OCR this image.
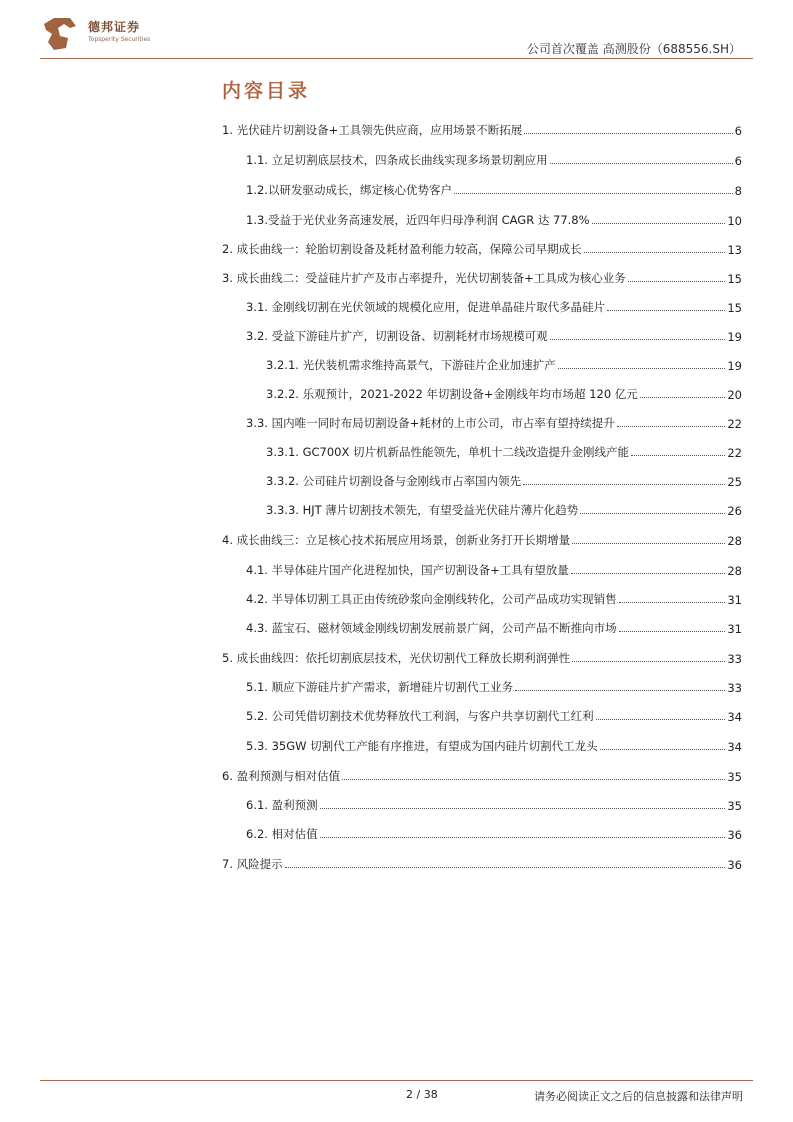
德邦证券
Topsperity Securities
公司首次覆盖 高测股份（688556.SH）
内容目录
1. 光伏硅片切割设备+工具领先供应商，应用场景不断拓展	6
1.1. 立足切割底层技术，四条成长曲线实现多场景切割应用	6
1.2.以研发驱动成长，绑定核心优势客户	8
1.3.受益于光伏业务高速发展，近四年归母净利润 CAGR 达 77.8%	10
2. 成长曲线一：轮胎切割设备及耗材盈利能力较高，保障公司早期成长	13
3. 成长曲线二：受益硅片扩产及市占率提升，光伏切割装备+工具成为核心业务	15
3.1. 金刚线切割在光伏领域的规模化应用，促进单晶硅片取代多晶硅片	15
3.2. 受益下游硅片扩产，切割设备、切割耗材市场规模可观	19
3.2.1. 光伏装机需求维持高景气，下游硅片企业加速扩产	19
3.2.2. 乐观预计，2021-2022 年切割设备+金刚线年均市场超 120 亿元	20
3.3. 国内唯一同时布局切割设备+耗材的上市公司，市占率有望持续提升	22
3.3.1. GC700X 切片机新品性能领先，单机十二线改造提升金刚线产能	22
3.3.2. 公司硅片切割设备与金刚线市占率国内领先	25
3.3.3. HJT 薄片切割技术领先，有望受益光伏硅片薄片化趋势	26
4. 成长曲线三：立足核心技术拓展应用场景，创新业务打开长期增量	28
4.1. 半导体硅片国产化进程加快，国产切割设备+工具有望放量	28
4.2. 半导体切割工具正由传统砂浆向金刚线转化，公司产品成功实现销售	31
4.3. 蓝宝石、磁材领域金刚线切割发展前景广阔，公司产品不断推向市场	31
5. 成长曲线四：依托切割底层技术，光伏切割代工释放长期利润弹性	33
5.1. 顺应下游硅片扩产需求，新增硅片切割代工业务	33
5.2. 公司凭借切割技术优势释放代工利润，与客户共享切割代工红利	34
5.3. 35GW 切割代工产能有序推进，有望成为国内硅片切割代工龙头	34
6. 盈利预测与相对估值	35
6.1. 盈利预测	35
6.2. 相对估值	36
7. 风险提示	36
2 / 38	请务必阅读正文之后的信息披露和法律声明
